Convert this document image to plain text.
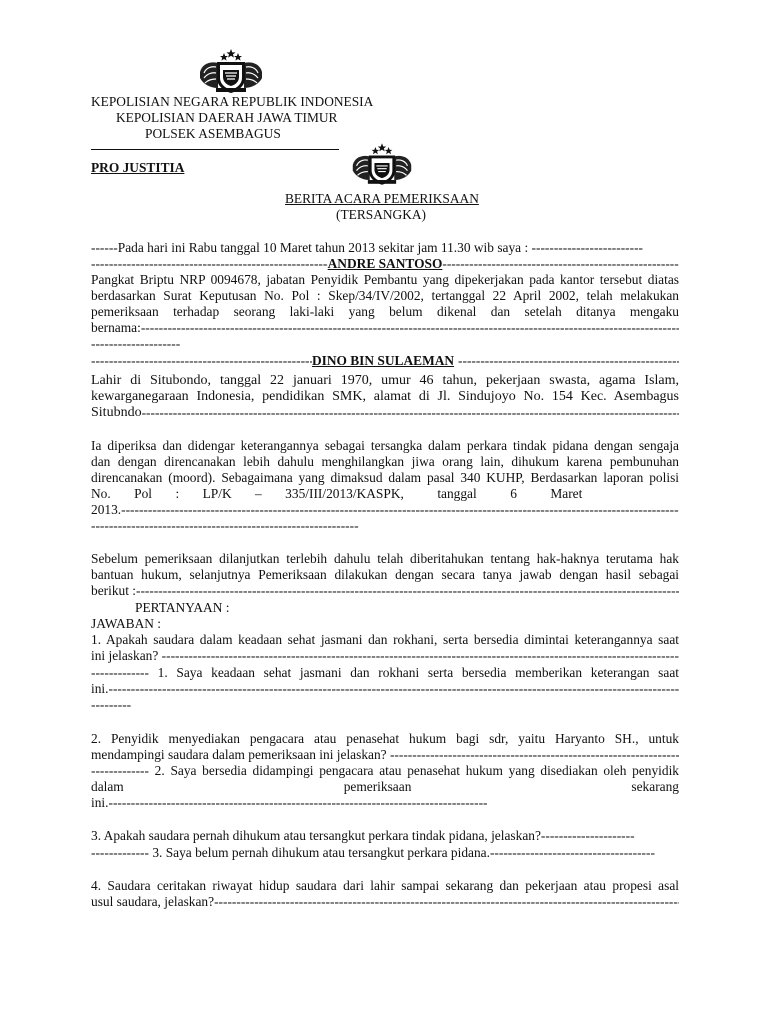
KEPOLISIAN NEGARA REPUBLIK INDONESIA
KEPOLISIAN DAERAH JAWA TIMUR
POLSEK ASEMBAGUS
PRO JUSTITIA
BERITA ACARA PEMERIKSAAN
(TERSANGKA)
------Pada hari ini Rabu tanggal 10 Maret tahun 2013 sekitar jam 11.30 wib saya : -------------------------
-----
ANDRE SANTOSO
-----
Pangkat Briptu NRP 0094678, jabatan Penyidik Pembantu yang dipekerjakan pada kantor tersebut diatas
berdasarkan Surat Keputusan No. Pol : Skep/34/IV/2002, tertanggal 22 April 2002, telah melakukan
pemeriksaan terhadap seorang laki-laki yang belum dikenal dan setelah ditanya mengaku
bernama:
-----
--------------------
-----
DINO BIN SULAEMAN
-----
Lahir di Situbondo, tanggal 22 januari 1970, umur 46 tahun, pekerjaan swasta, agama Islam,
kewarganegaraan Indonesia, pendidikan SMK, alamat di Jl. Sindujoyo No. 154 Kec. Asembagus
Situbndo
-----
Ia diperiksa dan didengar keterangannya sebagai tersangka dalam perkara tindak pidana dengan sengaja
dan dengan direncanakan lebih dahulu menghilangkan jiwa orang lain, dihukum karena pembunuhan
direncanakan (moord). Sebagaimana yang dimaksud dalam pasal 340 KUHP, Berdasarkan laporan polisi
No.       Pol       :       LP/K       –       335/III/2013/KASPK,          tanggal          6          Maret
2013.
-----
------------------------------------------------------------
Sebelum pemeriksaan dilanjutkan terlebih dahulu telah diberitahukan tentang hak-haknya terutama hak
bantuan hukum, selanjutnya Pemeriksaan dilakukan dengan secara tanya jawab dengan hasil sebagai
berikut :
-----
PERTANYAAN :
JAWABAN :
1. Apakah saudara dalam keadaan sehat jasmani dan rokhani, serta bersedia dimintai keterangannya saat
ini jelaskan?
-----
------------- 1. Saya keadaan sehat jasmani dan rokhani serta bersedia memberikan keterangan saat
ini.
-----
---------
2. Penyidik menyediakan pengacara atau penasehat hukum bagi sdr, yaitu Haryanto SH., untuk
mendampingi saudara dalam pemeriksaan ini jelaskan?
-----
------------- 2. Saya bersedia didampingi pengacara atau penasehat hukum yang disediakan oleh penyidik
dalam                                    pemeriksaan                                    sekarang
ini.-------------------------------------------------------------------------------------
3. Apakah saudara pernah dihukum atau tersangkut perkara tindak pidana, jelaskan?---------------------
------------- 3. Saya belum pernah dihukum atau tersangkut perkara pidana.-------------------------------------
4. Saudara ceritakan riwayat hidup saudara dari lahir sampai sekarang dan pekerjaan atau propesi asal
usul saudara, jelaskan?
-----
